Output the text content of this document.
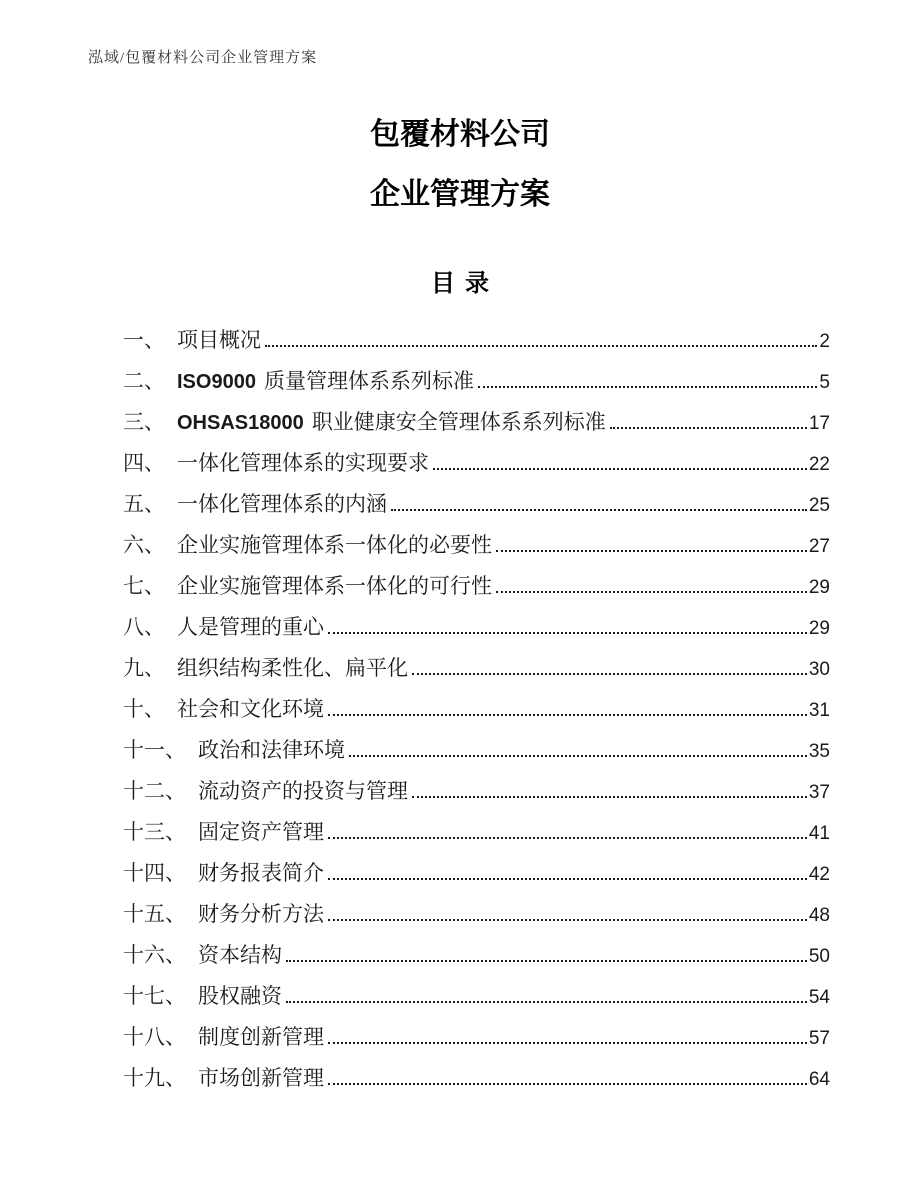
泓域/包覆材料公司企业管理方案
包覆材料公司
企业管理方案
目录
一、 项目概况	2
二、 ISO9000 质量管理体系系列标准	5
三、 OHSAS18000 职业健康安全管理体系系列标准	17
四、 一体化管理体系的实现要求	22
五、 一体化管理体系的内涵	25
六、 企业实施管理体系一体化的必要性	27
七、 企业实施管理体系一体化的可行性	29
八、 人是管理的重心	29
九、 组织结构柔性化、扁平化	30
十、 社会和文化环境	31
十一、 政治和法律环境	35
十二、 流动资产的投资与管理	37
十三、 固定资产管理	41
十四、 财务报表简介	42
十五、 财务分析方法	48
十六、 资本结构	50
十七、 股权融资	54
十八、 制度创新管理	57
十九、 市场创新管理	64
